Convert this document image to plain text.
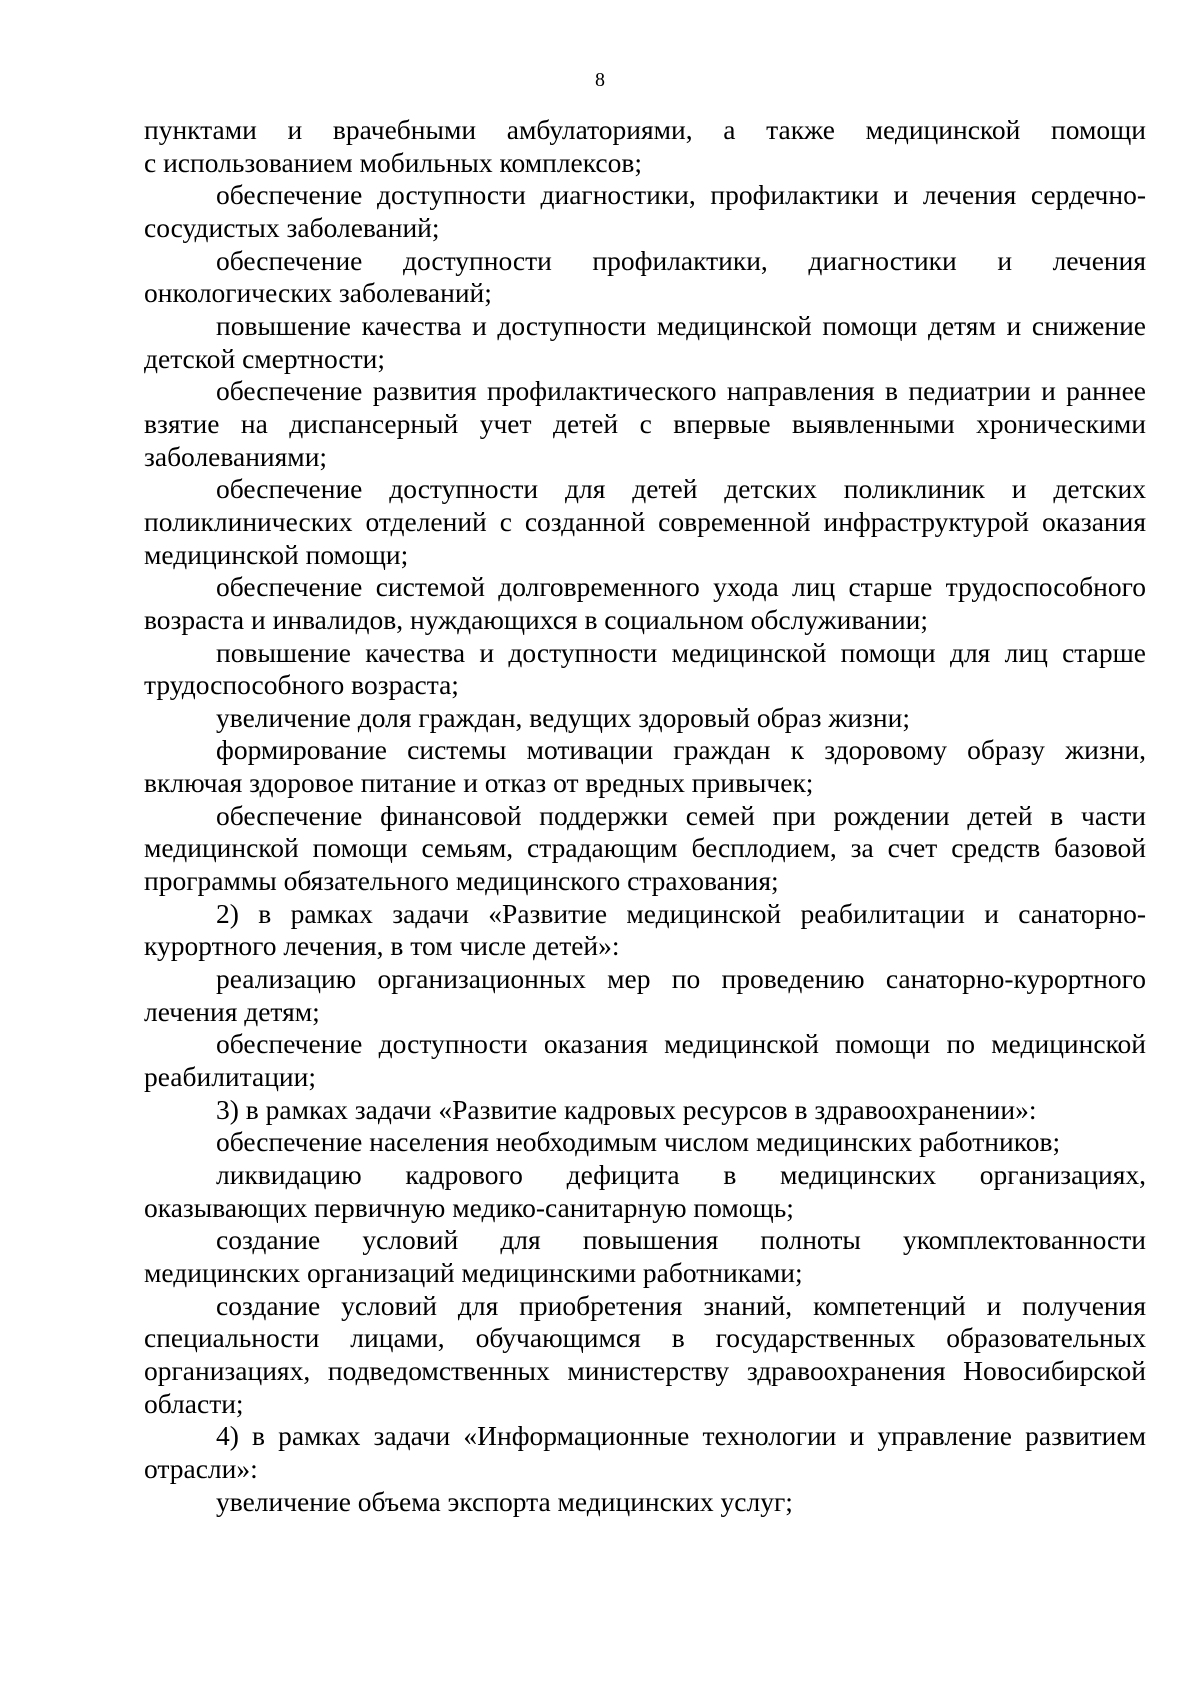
8
пунктами и врачебными амбулаториями, а также медицинской помощи
с использованием мобильных комплексов;
обеспечение доступности диагностики, профилактики и лечения сердечно-
сосудистых заболеваний;
обеспечение доступности профилактики, диагностики и лечения
онкологических заболеваний;
повышение качества и доступности медицинской помощи детям и снижение
детской смертности;
обеспечение развития профилактического направления в педиатрии и раннее
взятие на диспансерный учет детей с впервые выявленными хроническими
заболеваниями;
обеспечение доступности для детей детских поликлиник и детских
поликлинических отделений с созданной современной инфраструктурой оказания
медицинской помощи;
обеспечение системой долговременного ухода лиц старше трудоспособного
возраста и инвалидов, нуждающихся в социальном обслуживании;
повышение качества и доступности медицинской помощи для лиц старше
трудоспособного возраста;
увеличение доля граждан, ведущих здоровый образ жизни;
формирование системы мотивации граждан к здоровому образу жизни,
включая здоровое питание и отказ от вредных привычек;
обеспечение финансовой поддержки семей при рождении детей в части
медицинской помощи семьям, страдающим бесплодием, за счет средств базовой
программы обязательного медицинского страхования;
2) в рамках задачи «Развитие медицинской реабилитации и санаторно-
курортного лечения, в том числе детей»:
реализацию организационных мер по проведению санаторно-курортного
лечения детям;
обеспечение доступности оказания медицинской помощи по медицинской
реабилитации;
3) в рамках задачи «Развитие кадровых ресурсов в здравоохранении»:
обеспечение населения необходимым числом медицинских работников;
ликвидацию кадрового дефицита в медицинских организациях,
оказывающих первичную медико-санитарную помощь;
создание условий для повышения полноты укомплектованности
медицинских организаций медицинскими работниками;
создание условий для приобретения знаний, компетенций и получения
специальности лицами, обучающимся в государственных образовательных
организациях, подведомственных министерству здравоохранения Новосибирской
области;
4) в рамках задачи «Информационные технологии и управление развитием
отрасли»:
увеличение объема экспорта медицинских услуг;
